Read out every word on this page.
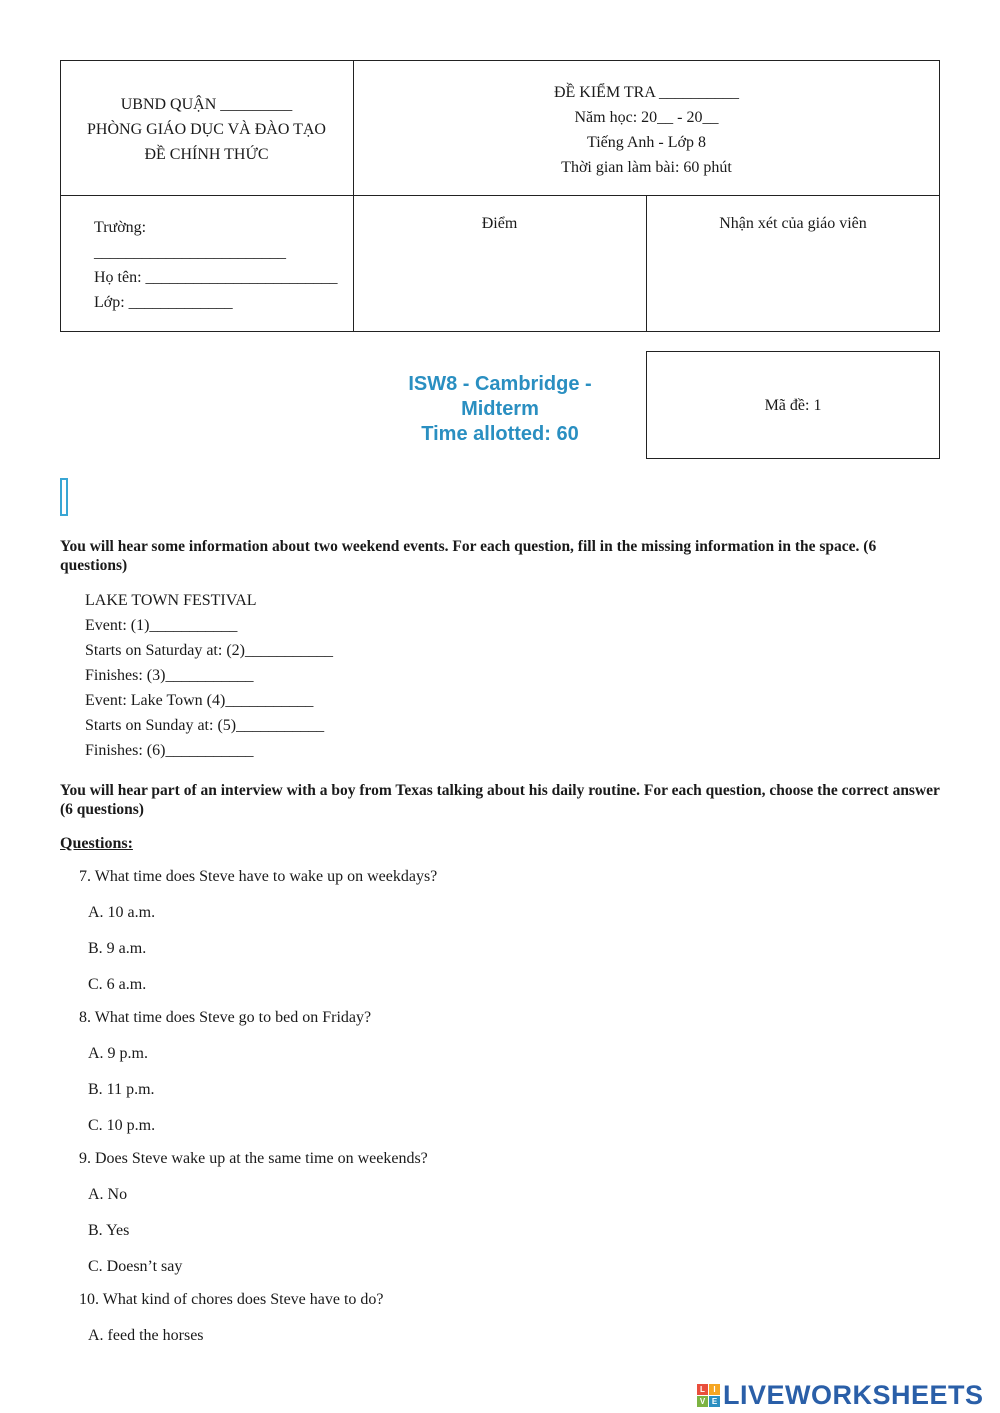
UBND QUẬN _________
PHÒNG GIÁO DỤC VÀ ĐÀO TẠO
ĐỀ CHÍNH THỨC
ĐỀ KIỂM TRA __________
Năm học: 20__ - 20__
Tiếng Anh - Lớp 8
Thời gian làm bài: 60 phút
Trường:
________________________
Họ tên: ________________________
Lớp: _____________
Điểm	Nhận xét của giáo viên
ISW8 - Cambridge -
Midterm
Time allotted: 60
Mã đề: 1
You will hear some information about two weekend events. For each question, fill in the missing information in the space. (6 questions)
LAKE TOWN FESTIVAL
Event: (1)___________
Starts on Saturday at: (2)___________
Finishes: (3)___________
Event: Lake Town (4)___________
Starts on Sunday at: (5)___________
Finishes: (6)___________
You will hear part of an interview with a boy from Texas talking about his daily routine. For each question, choose the correct answer (6 questions)
Questions:
7. What time does Steve have to wake up on weekdays?
A. 10 a.m.
B. 9 a.m.
C. 6 a.m.
8. What time does Steve go to bed on Friday?
A. 9 p.m.
B. 11 p.m.
C. 10 p.m.
9. Does Steve wake up at the same time on weekends?
A. No
B. Yes
C. Doesn’t say
10. What kind of chores does Steve have to do?
A. feed the horses
L	I
V E LIVEWORKSHEETS
